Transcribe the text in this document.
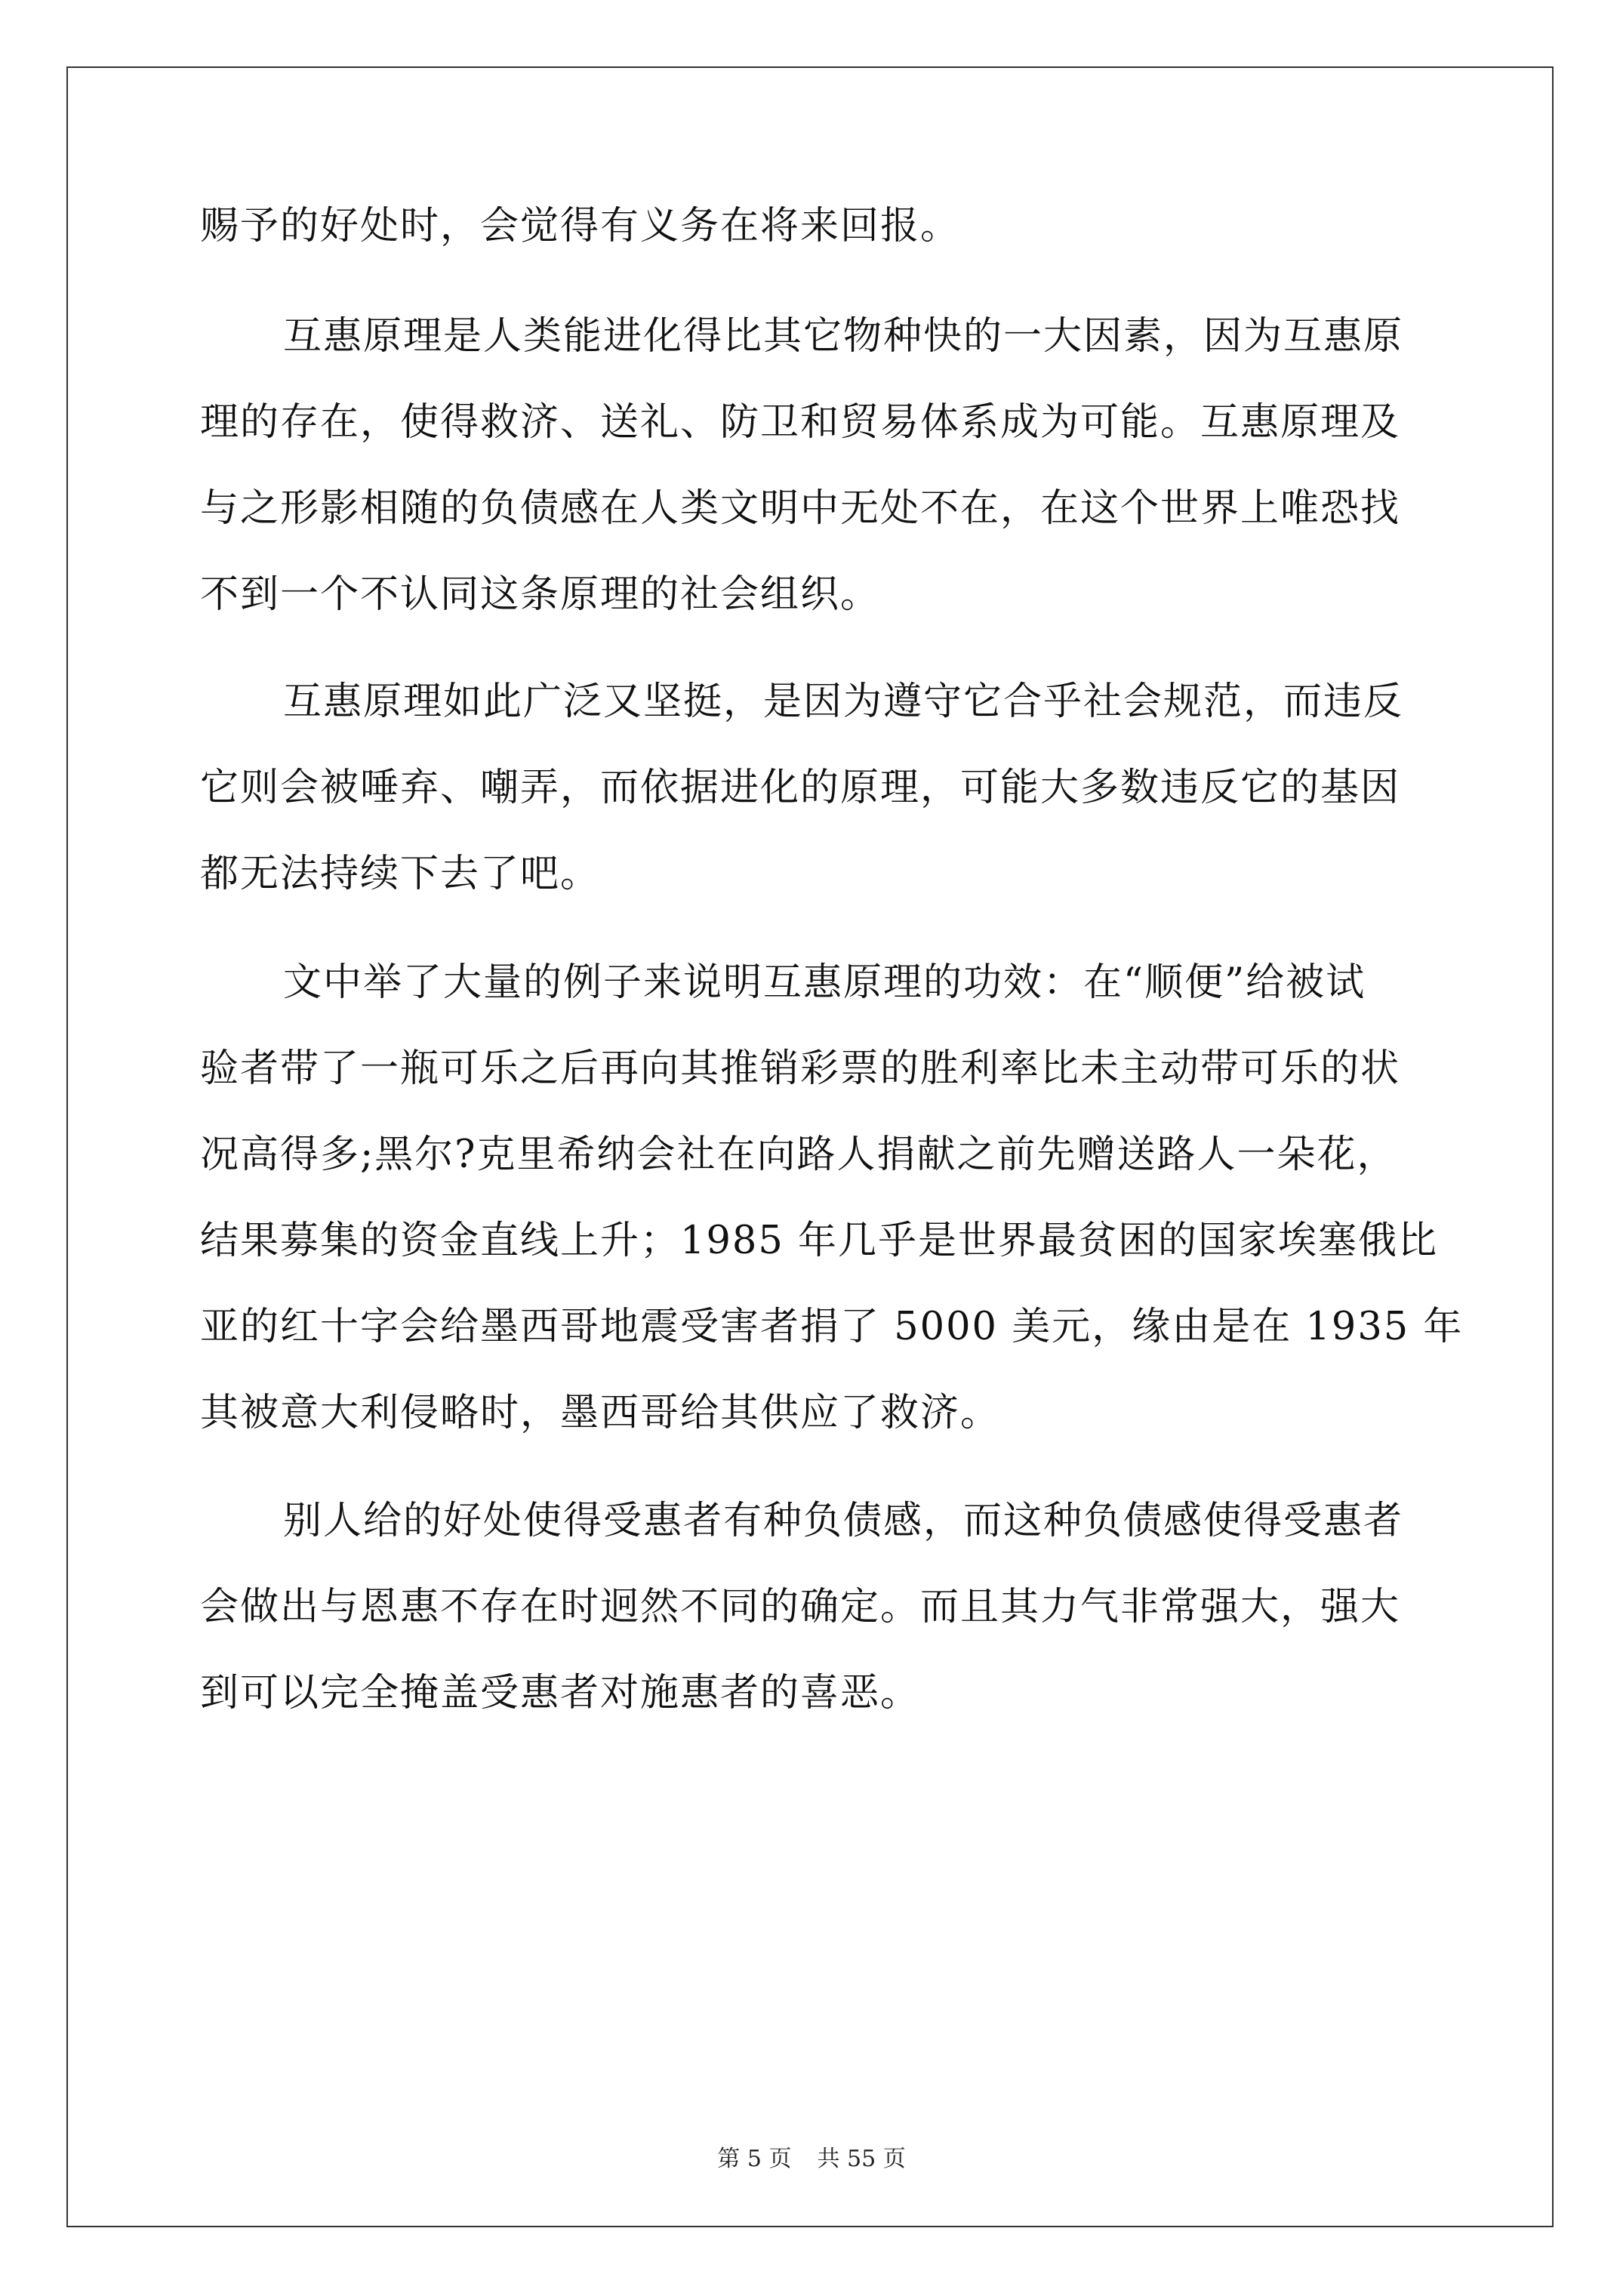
赐予的好处时，会觉得有义务在将来回报。
互惠原理是人类能进化得比其它物种快的一大因素，因为互惠原
理的存在，使得救济、送礼、防卫和贸易体系成为可能。互惠原理及
与之形影相随的负债感在人类文明中无处不在，在这个世界上唯恐找
不到一个不认同这条原理的社会组织。
互惠原理如此广泛又坚挺，是因为遵守它合乎社会规范，而违反
它则会被唾弃、嘲弄，而依据进化的原理，可能大多数违反它的基因
都无法持续下去了吧。
文中举了大量的例子来说明互惠原理的功效：在“顺便”给被试
验者带了一瓶可乐之后再向其推销彩票的胜利率比未主动带可乐的状
况高得多;黑尔?克里希纳会社在向路人捐献之前先赠送路人一朵花，
结果募集的资金直线上升；1985 年几乎是世界最贫困的国家埃塞俄比
亚的红十字会给墨西哥地震受害者捐了 5000 美元，缘由是在 1935 年
其被意大利侵略时，墨西哥给其供应了救济。
别人给的好处使得受惠者有种负债感，而这种负债感使得受惠者
会做出与恩惠不存在时迥然不同的确定。而且其力气非常强大，强大
到可以完全掩盖受惠者对施惠者的喜恶。
第 5 页 共 55 页
